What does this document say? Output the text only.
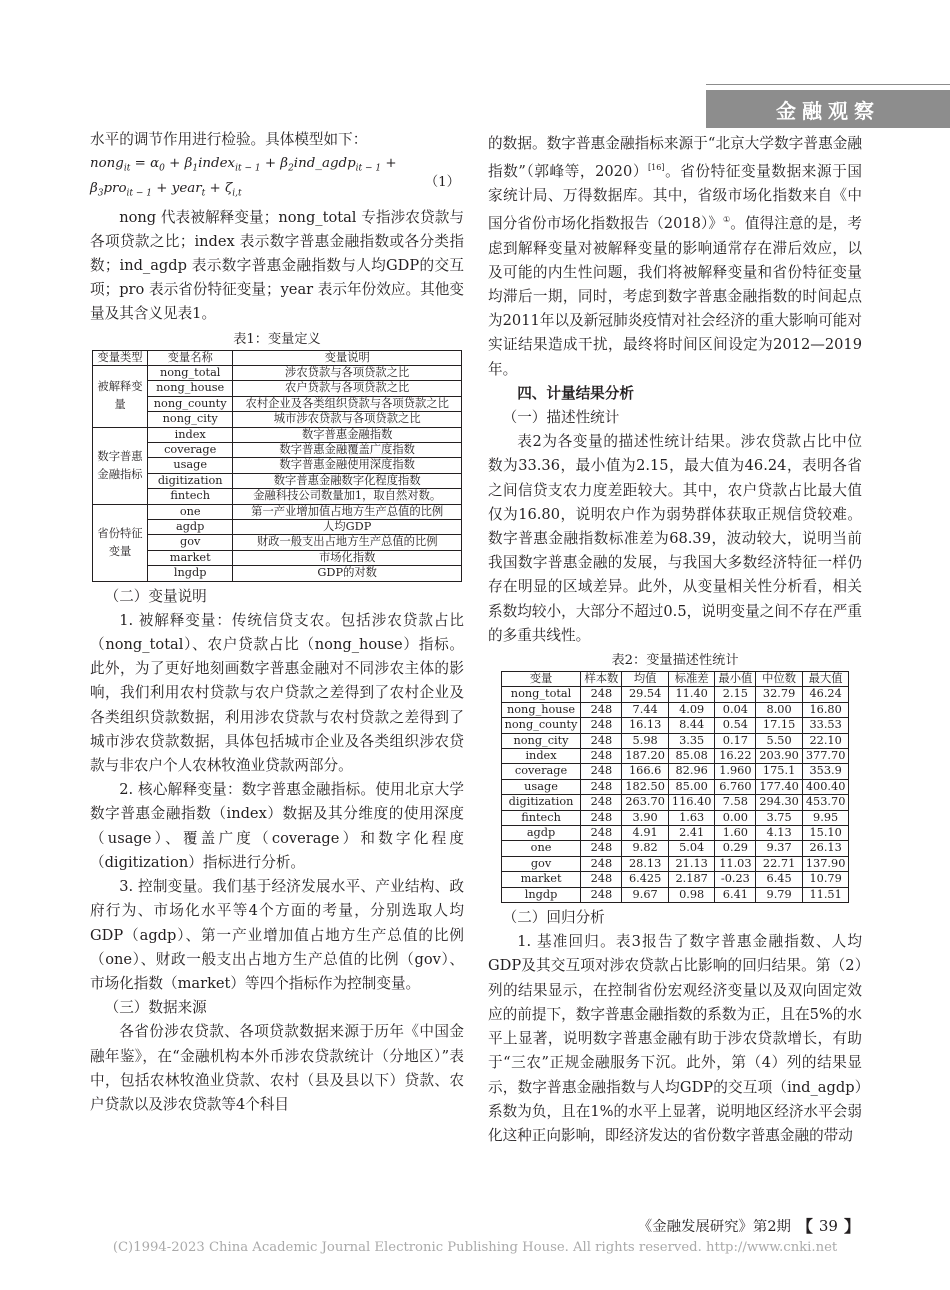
金融观察

水平的调节作用进行检验。具体模型如下：

nong$_{it}$ = $\alpha_0$ + $\beta_1index_{it - 1}$ + $\beta_2ind\_agdp_{it - 1}$ +
$\beta_3pro_{it - 1}$ + year$_t$ + $\zeta_{i,t}$
（1）

nong 代表被解释变量；nong_total 专指涉农贷款与各项贷款之比；index 表示数字普惠金融指数或各分类指数；ind_agdp 表示数字普惠金融指数与人均GDP的交互项；pro 表示省份特征变量；year 表示年份效应。其他变量及其含义见表1。

表1：变量定义
变量类型	变量名称	变量说明
被解释变量	nong_total	涉农贷款与各项贷款之比
	nong_house	农户贷款与各项贷款之比
	nong_county	农村企业及各类组织贷款与各项贷款之比
	nong_city	城市涉农贷款与各项贷款之比
数字普惠金融指标	index	数字普惠金融指数
	coverage	数字普惠金融覆盖广度指数
	usage	数字普惠金融使用深度指数
	digitization	数字普惠金融数字化程度指数
	fintech	金融科技公司数量加1，取自然对数。
省份特征变量	one	第一产业增加值占地方生产总值的比例
	agdp	人均GDP
	gov	财政一般支出占地方生产总值的比例
	market	市场化指数
	lngdp	GDP的对数

（二）变量说明

1. 被解释变量：传统信贷支农。包括涉农贷款占比（nong_total）、农户贷款占比（nong_house）指标。此外，为了更好地刻画数字普惠金融对不同涉农主体的影响，我们利用农村贷款与农户贷款之差得到了农村企业及各类组织贷款数据，利用涉农贷款与农村贷款之差得到了城市涉农贷款数据，具体包括城市企业及各类组织涉农贷款与非农户个人农林牧渔业贷款两部分。

2. 核心解释变量：数字普惠金融指标。使用北京大学数字普惠金融指数（index）数据及其分维度的使用深度（usage）、覆盖广度（coverage）和数字化程度（digitization）指标进行分析。

3. 控制变量。我们基于经济发展水平、产业结构、政府行为、市场化水平等4个方面的考量，分别选取人均GDP（agdp）、第一产业增加值占地方生产总值的比例（one）、财政一般支出占地方生产总值的比例（gov）、市场化指数（market）等四个指标作为控制变量。

（三）数据来源

各省份涉农贷款、各项贷款数据来源于历年《中国金融年鉴》，在“金融机构本外币涉农贷款统计（分地区）”表中，包括农林牧渔业贷款、农村（县及县以下）贷款、农户贷款以及涉农贷款等4个科目

的数据。数字普惠金融指标来源于“北京大学数字普惠金融指数”（郭峰等，2020）[16]。省份特征变量数据来源于国家统计局、万得数据库。其中，省级市场化指数来自《中国分省份市场化指数报告（2018）》①。值得注意的是，考虑到解释变量对被解释变量的影响通常存在滞后效应，以及可能的内生性问题，我们将被解释变量和省份特征变量均滞后一期，同时，考虑到数字普惠金融指数的时间起点为2011年以及新冠肺炎疫情对社会经济的重大影响可能对实证结果造成干扰，最终将时间区间设定为2012—2019年。

四、计量结果分析

（一）描述性统计

表2为各变量的描述性统计结果。涉农贷款占比中位数为33.36，最小值为2.15，最大值为46.24，表明各省之间信贷支农力度差距较大。其中，农户贷款占比最大值仅为16.80，说明农户作为弱势群体获取正规信贷较难。数字普惠金融指数标准差为68.39，波动较大，说明当前我国数字普惠金融的发展，与我国大多数经济特征一样仍存在明显的区域差异。此外，从变量相关性分析看，相关系数均较小，大部分不超过0.5，说明变量之间不存在严重的多重共线性。

表2：变量描述性统计
变量	样本数	均值	标准差	最小值	中位数	最大值
nong_total	248	29.54	11.40	2.15	32.79	46.24
nong_house	248	7.44	4.09	0.04	8.00	16.80
nong_county	248	16.13	8.44	0.54	17.15	33.53
nong_city	248	5.98	3.35	0.17	5.50	22.10
index	248	187.20	85.08	16.22	203.90	377.70
coverage	248	166.6	82.96	1.960	175.1	353.9
usage	248	182.50	85.00	6.760	177.40	400.40
digitization	248	263.70	116.40	7.58	294.30	453.70
fintech	248	3.90	1.63	0.00	3.75	9.95
agdp	248	4.91	2.41	1.60	4.13	15.10
one	248	9.82	5.04	0.29	9.37	26.13
gov	248	28.13	21.13	11.03	22.71	137.90
market	248	6.425	2.187	-0.23	6.45	10.79
lngdp	248	9.67	0.98	6.41	9.79	11.51

（二）回归分析

1. 基准回归。表3报告了数字普惠金融指数、人均GDP及其交互项对涉农贷款占比影响的回归结果。第（2）列的结果显示，在控制省份宏观经济变量以及双向固定效应的前提下，数字普惠金融指数的系数为正，且在5%的水平上显著，说明数字普惠金融有助于涉农贷款增长，有助于“三农”正规金融服务下沉。此外，第（4）列的结果显示，数字普惠金融指数与人均GDP的交互项（ind_agdp）系数为负，且在1%的水平上显著，说明地区经济水平会弱化这种正向影响，即经济发达的省份数字普惠金融的带动

《金融发展研究》第2期 【 39 】
(C)1994-2023 China Academic Journal Electronic Publishing House. All rights reserved. http://www.cnki.net
